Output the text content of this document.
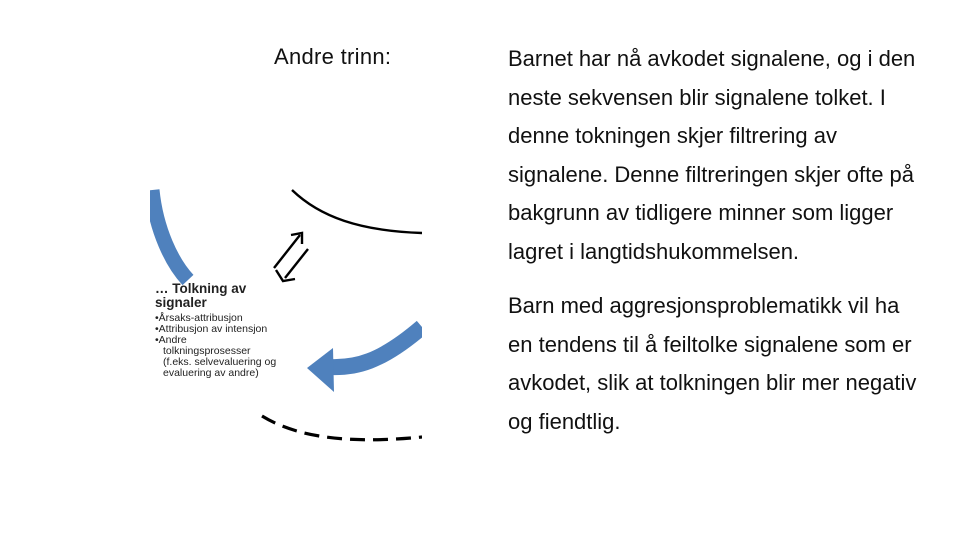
Andre trinn:	Barnet har nå avkodet signalene, og i den neste sekvensen blir signalene tolket. I denne tokningen skjer filtrering av signalene. Denne filtreringen skjer ofte på bakgrunn av tidligere minner som ligger lagret i langtidshukommelsen.

Barn med aggresjonsproblematikk vil ha en tendens til å feiltolke signalene som er avkodet, slik at tolkningen blir mer negativ og fiendtlig.

… Tolkning av
signaler
•Årsaks-attribusjon
•Attribusjon av intensjon
•Andre
tolkningsprosesser
(f.eks. selvevaluering og
evaluering av andre)
